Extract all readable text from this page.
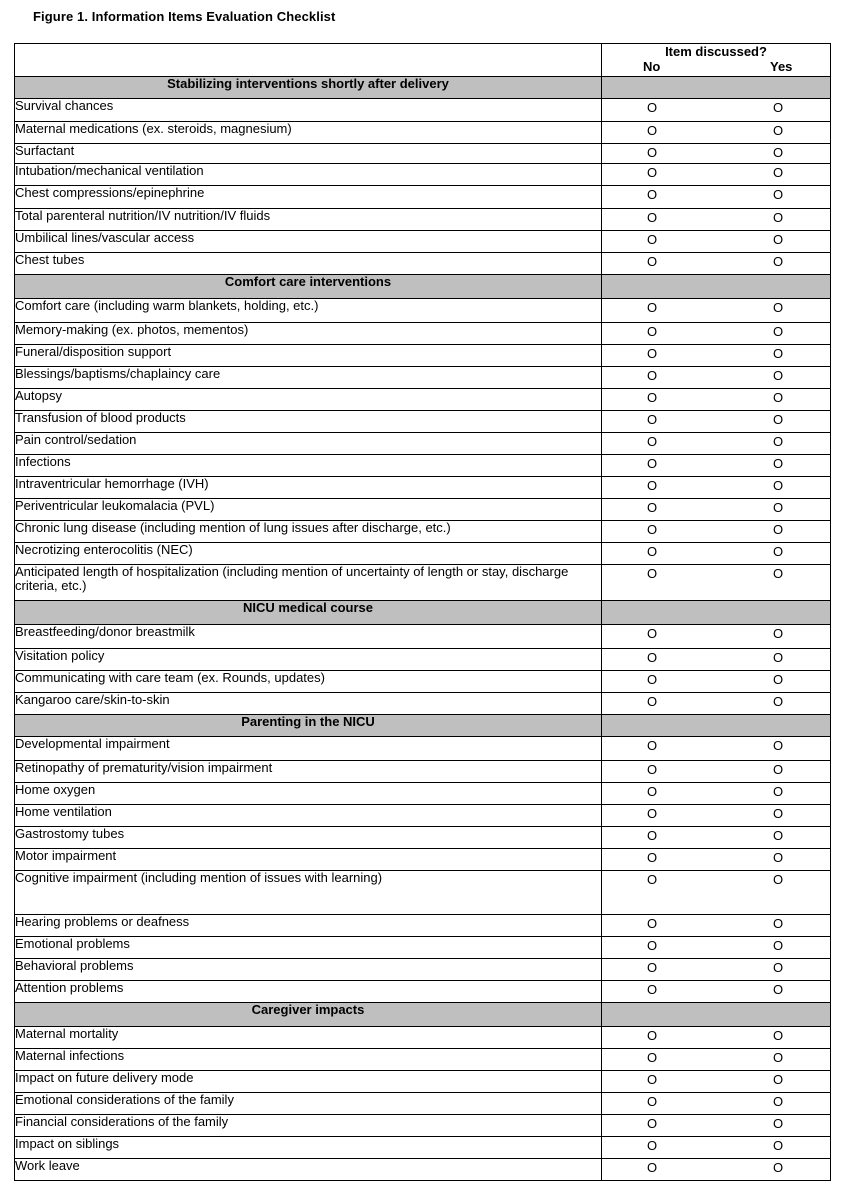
Figure 1. Information Items Evaluation Checklist

	Item discussed?
No Yes

Stabilizing interventions shortly after delivery	
Survival chances	O O

Maternal medications (ex. steroids, magnesium)	O O

Surfactant	O O

Intubation/mechanical ventilation	O O

Chest compressions/epinephrine	O O

Total parenteral nutrition/IV nutrition/IV fluids	O O

Umbilical lines/vascular access	O O

Chest tubes	O O

Comfort care interventions	
Comfort care (including warm blankets, holding, etc.)	O O

Memory-making (ex. photos, mementos)	O O

Funeral/disposition support	O O

Blessings/baptisms/chaplaincy care	O O

Autopsy	O O

Transfusion of blood products	O O

Pain control/sedation	O O

Infections	O O

Intraventricular hemorrhage (IVH)	O O

Periventricular leukomalacia (PVL)	O O

Chronic lung disease (including mention of lung issues after discharge, etc.)	O O

Necrotizing enterocolitis (NEC)	O O

Anticipated length of hospitalization (including mention of uncertainty of length or stay, discharge criteria, etc.)	O O

NICU medical course	
Breastfeeding/donor breastmilk	O O

Visitation policy	O O

Communicating with care team (ex. Rounds, updates)	O O

Kangaroo care/skin-to-skin	O O

Parenting in the NICU	
Developmental impairment	O O

Retinopathy of prematurity/vision impairment	O O

Home oxygen	O O

Home ventilation	O O

Gastrostomy tubes	O O

Motor impairment	O O

Cognitive impairment (including mention of issues with learning)	O O

Hearing problems or deafness	O O

Emotional problems	O O

Behavioral problems	O O

Attention problems	O O

Caregiver impacts	
Maternal mortality	O O

Maternal infections	O O

Impact on future delivery mode	O O

Emotional considerations of the family	O O

Financial considerations of the family	O O

Impact on siblings	O O

Work leave	O O
